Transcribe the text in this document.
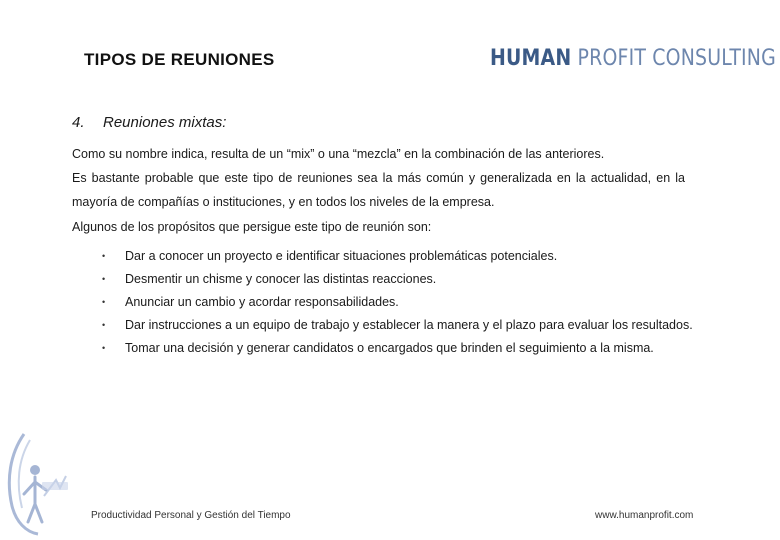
TIPOS DE REUNIONES	HUMAN PROFIT CONSULTING
4. Reuniones mixtas:
Como su nombre indica, resulta de un “mix” o una “mezcla” en la combinación de las anteriores.
Es bastante probable que este tipo de reuniones sea la más común y generalizada en la actualidad, en la mayoría de compañías o instituciones, y en todos los niveles de la empresa.
Algunos de los propósitos que persigue este tipo de reunión son:
• Dar a conocer un proyecto e identificar situaciones problemáticas potenciales.
• Desmentir un chisme y conocer las distintas reacciones.
• Anunciar un cambio y acordar responsabilidades.
• Dar instrucciones a un equipo de trabajo y establecer la manera y el plazo para evaluar los resultados.
• Tomar una decisión y generar candidatos o encargados que brinden el seguimiento a la misma.
Productividad Personal y Gestión del Tiempo	www.humanprofit.com
